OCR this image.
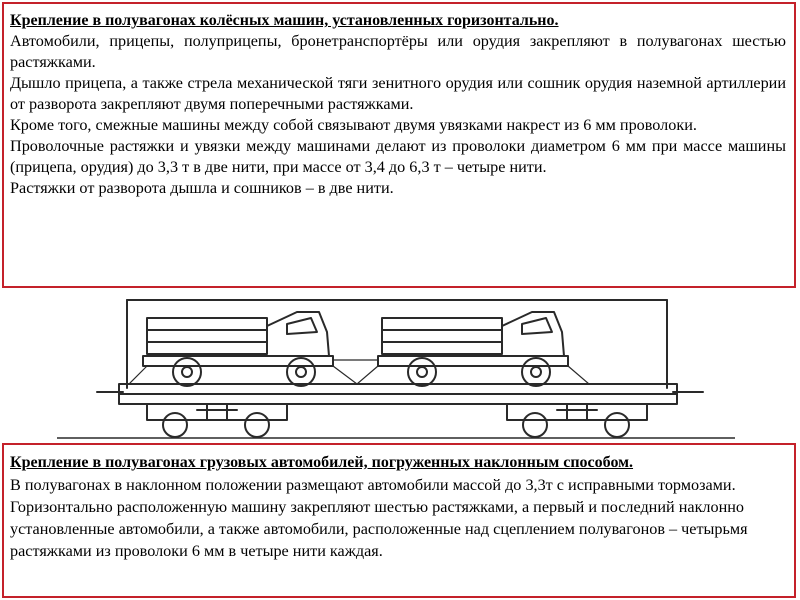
Крепление в полувагонах колёсных машин, установленных горизонтально.

Автомобили, прицепы, полуприцепы, бронетранспортёры или орудия закрепляют в полувагонах шестью растяжками.

Дышло прицепа, а также стрела механической тяги зенитного орудия или сошник орудия наземной артиллерии от разворота закрепляют двумя поперечными растяжками.

Кроме того, смежные машины между собой связывают двумя увязками накрест из 6 мм проволоки.

Проволочные растяжки и увязки между машинами делают из проволоки диаметром 6 мм при массе машины (прицепа, орудия) до 3,3 т в две нити, при массе от 3,4 до 6,3 т – четыре нити.

Растяжки от разворота дышла и сошников – в две нити.

Крепление в полувагонах грузовых автомобилей, погруженных наклонным способом.

В полувагонах в наклонном положении размещают автомобили массой до 3,3т с исправными тормозами.

Горизонтально расположенную машину закрепляют шестью растяжками, а первый и последний наклонно установленные автомобили, а также автомобили, расположенные над сцеплением полувагонов – четырьмя растяжками из проволоки 6 мм в четыре нити каждая.
